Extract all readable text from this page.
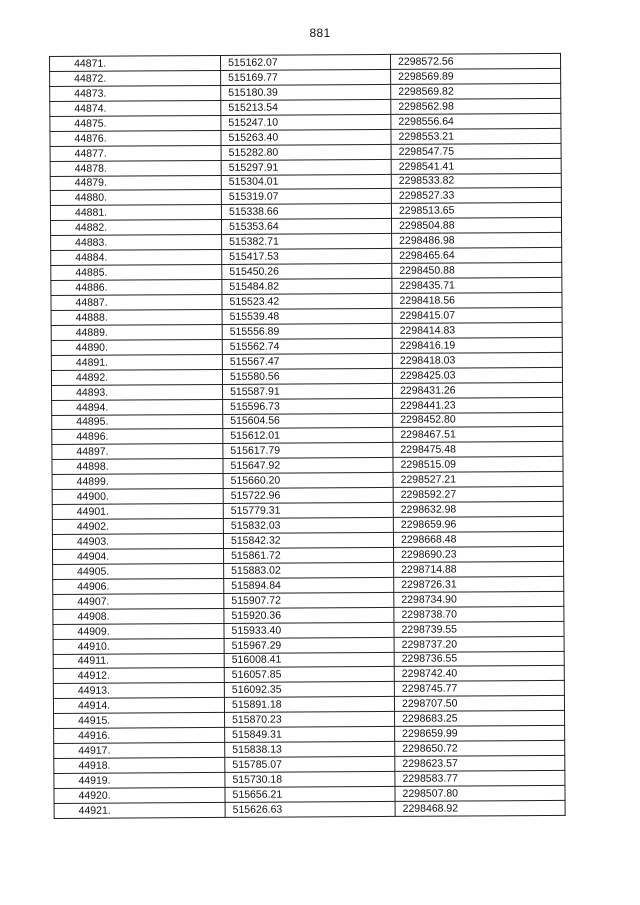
881
44871.	515162.07	2298572.56
44872.	515169.77	2298569.89
44873.	515180.39	2298569.82
44874.	515213.54	2298562.98
44875.	515247.10	2298556.64
44876.	515263.40	2298553.21
44877.	515282.80	2298547.75
44878.	515297.91	2298541.41
44879.	515304.01	2298533.82
44880.	515319.07	2298527.33
44881.	515338.66	2298513.65
44882.	515353.64	2298504.88
44883.	515382.71	2298486.98
44884.	515417.53	2298465.64
44885.	515450.26	2298450.88
44886.	515484.82	2298435.71
44887.	515523.42	2298418.56
44888.	515539.48	2298415.07
44889.	515556.89	2298414.83
44890.	515562.74	2298416.19
44891.	515567.47	2298418.03
44892.	515580.56	2298425.03
44893.	515587.91	2298431.26
44894.	515596.73	2298441.23
44895.	515604.56	2298452.80
44896.	515612.01	2298467.51
44897.	515617.79	2298475.48
44898.	515647.92	2298515.09
44899.	515660.20	2298527.21
44900.	515722.96	2298592.27
44901.	515779.31	2298632.98
44902.	515832.03	2298659.96
44903.	515842.32	2298668.48
44904.	515861.72	2298690.23
44905.	515883.02	2298714.88
44906.	515894.84	2298726.31
44907.	515907.72	2298734.90
44908.	515920.36	2298738.70
44909.	515933.40	2298739.55
44910.	515967.29	2298737.20
44911.	516008.41	2298736.55
44912.	516057.85	2298742.40
44913.	516092.35	2298745.77
44914.	515891.18	2298707.50
44915.	515870.23	2298683.25
44916.	515849.31	2298659.99
44917.	515838.13	2298650.72
44918.	515785.07	2298623.57
44919.	515730.18	2298583.77
44920.	515656.21	2298507.80
44921.	515626.63	2298468.92
